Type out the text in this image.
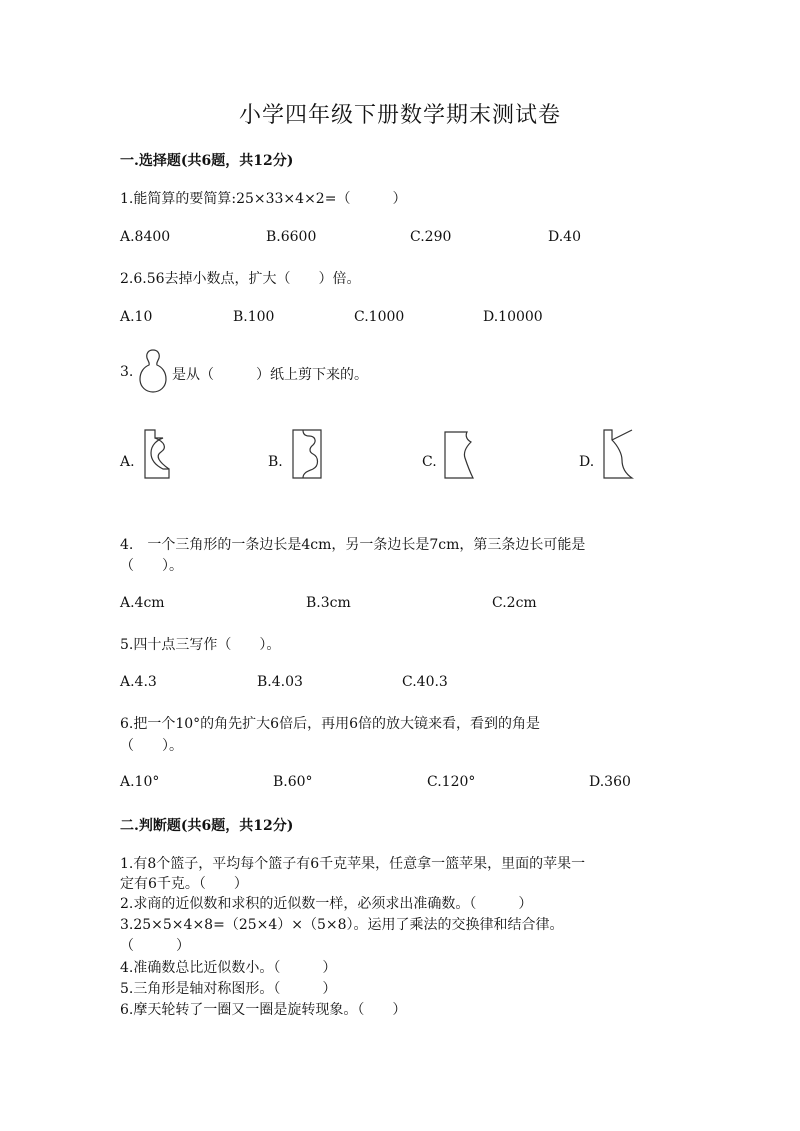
小学四年级下册数学期末测试卷
一.选择题(共6题，共12分)
1.能简算的要简算:25×33×4×2=（　　　）
A.8400	B.6600	C.290	D.40
2.6.56去掉小数点，扩大（　　）倍。
A.10	B.100	C.1000	D.10000
3.	是从（　　　）纸上剪下来的。
A.	B.	C.	D.
4.　一个三角形的一条边长是4cm，另一条边长是7cm，第三条边长可能是
（　　）。
A.4cm	B.3cm	C.2cm
5.四十点三写作（　　）。
A.4.3	B.4.03	C.40.3
6.把一个10°的角先扩大6倍后，再用6倍的放大镜来看，看到的角是
（　　）。
A.10°	B.60°	C.120°	D.360
二.判断题(共6题，共12分)
1.有8个篮子，平均每个篮子有6千克苹果，任意拿一篮苹果，里面的苹果一
定有6千克。（　　）
2.求商的近似数和求积的近似数一样，必须求出准确数。（　　　）
3.25×5×4×8=（25×4）×（5×8）。运用了乘法的交换律和结合律。
（　　　）
4.准确数总比近似数小。（　　　）
5.三角形是轴对称图形。（　　　）
6.摩天轮转了一圈又一圈是旋转现象。（　　）
